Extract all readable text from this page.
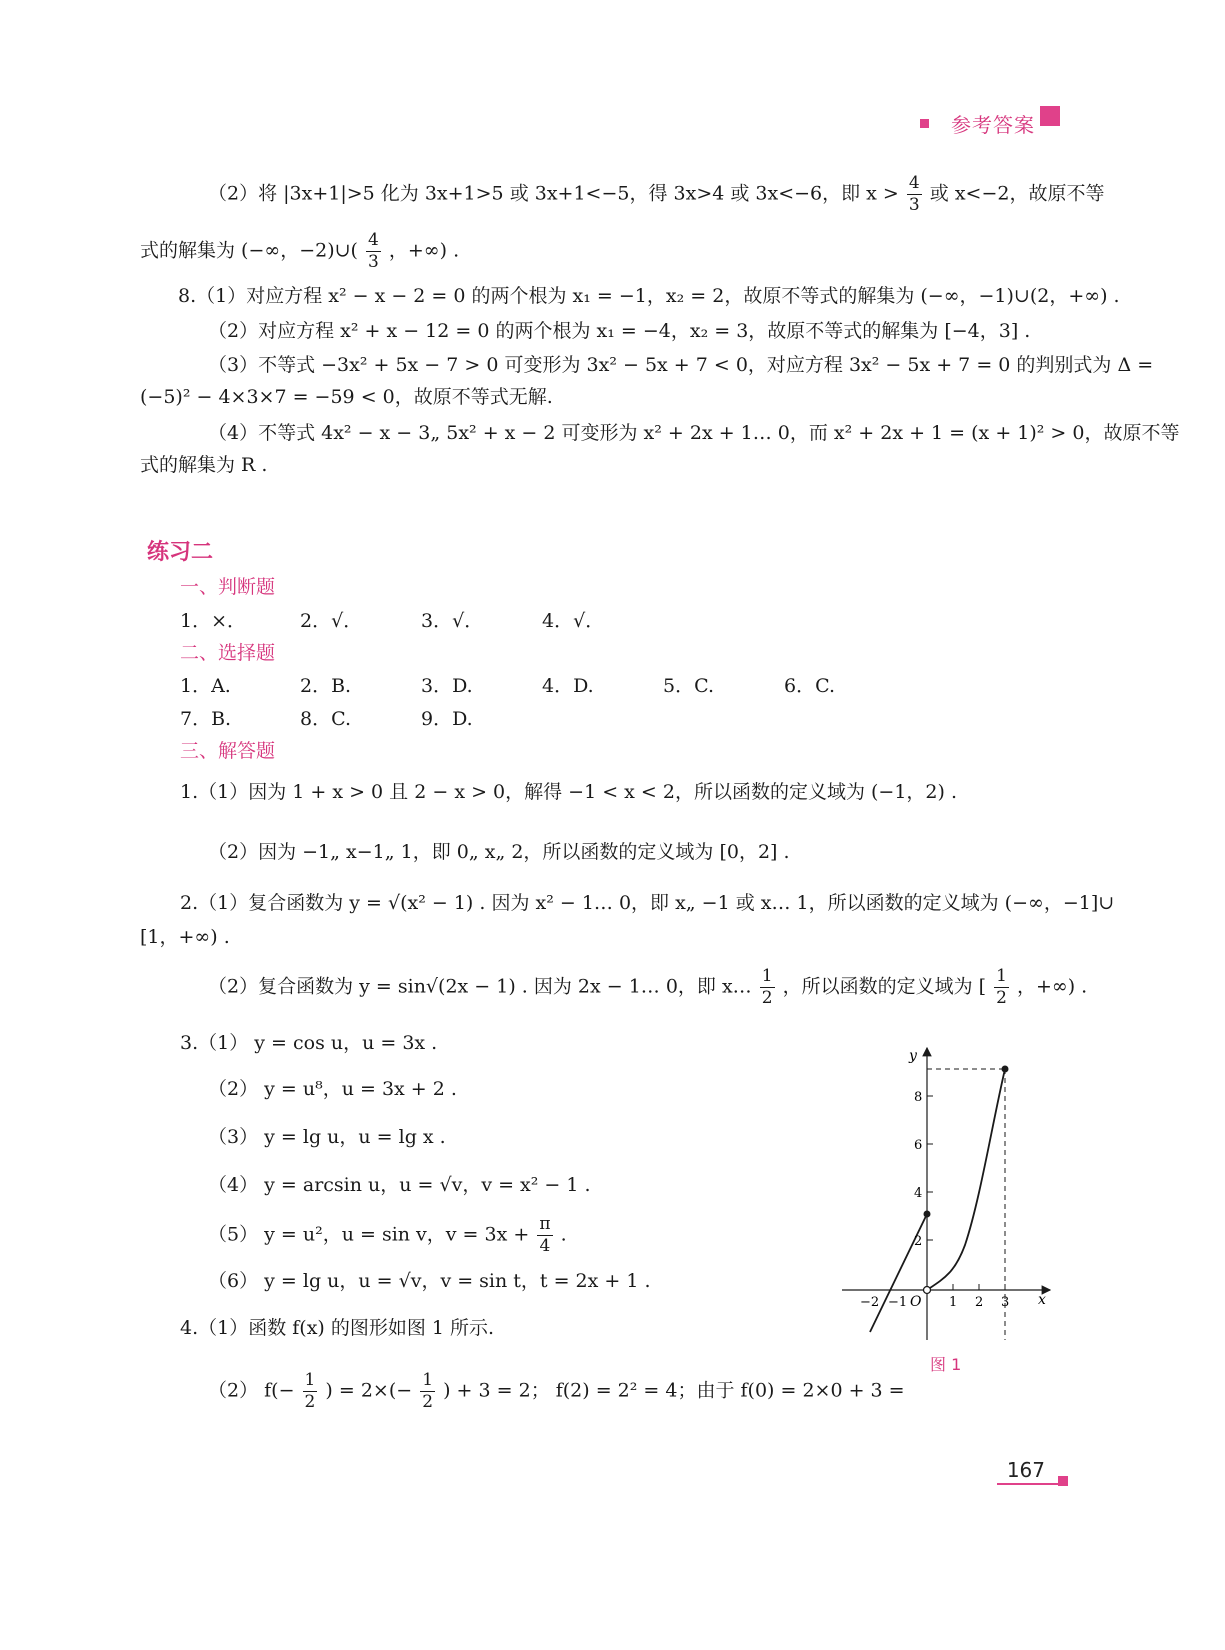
参考答案
（2）将 |3x+1|>5 化为 3x+1>5 或 3x+1<−5，得 3x>4 或 3x<−6，即 $x > \frac{4}{3}$ 或 x<−2，故原不等
式的解集为 (−∞，−2)∪( $\frac{4}{3}$ ，+∞) .
8.（1）对应方程 x² − x − 2 = 0 的两个根为 x₁ = −1，x₂ = 2，故原不等式的解集为 (−∞，−1)∪(2，+∞) .
（2）对应方程 x² + x − 12 = 0 的两个根为 x₁ = −4，x₂ = 3，故原不等式的解集为 [−4，3] .
（3）不等式 −3x² + 5x − 7 > 0 可变形为 3x² − 5x + 7 < 0，对应方程 3x² − 5x + 7 = 0 的判别式为 Δ =
(−5)² − 4×3×7 = −59 < 0，故原不等式无解.
（4）不等式 4x² − x − 3„ 5x² + x − 2 可变形为 x² + 2x + 1… 0，而 x² + 2x + 1 = (x + 1)² > 0，故原不等
式的解集为 R .
练习二
一、判断题
1．×．	2．√．	3．√．	4．√．
二、选择题
1．A.	2．B.	3．D.	4．D.	5．C.	6．C.
7．B.	8．C.	9．D.
三、解答题
1.（1）因为 1 + x > 0 且 2 − x > 0，解得 −1 < x < 2，所以函数的定义域为 (−1，2) .
（2）因为 −1„ x−1„ 1，即 0„ x„ 2，所以函数的定义域为 [0，2] .
2.（1）复合函数为 y = √(x² − 1) . 因为 x² − 1… 0，即 x„ −1 或 x… 1，所以函数的定义域为 (−∞，−1]∪
[1，+∞) .
（2）复合函数为 y = sin√(2x − 1) . 因为 2x − 1… 0，即 x… $\frac{1}{2}$ ，所以函数的定义域为 [ $\frac{1}{2}$ ，+∞) .
3.（1） y = cos u，u = 3x .
（2） y = u⁸，u = 3x + 2 .
（3） y = lg u，u = lg x .
（4） y = arcsin u，u = √v，v = x² − 1 .
（5） y = u²，u = sin v，$v = 3x + \frac{\pi}{4}$ .
（6） y = lg u，u = √v，v = sin t，t = 2x + 1 .
4.（1）函数 f(x) 的图形如图 1 所示.
（2） $f(- \frac{1}{2}$ ) = $2\times(- \frac{1}{2}$ ) + 3 = 2； f(2) = 2² = 4；由于 f(0) = 2×0 + 3 =
y
x
O
2
4
6
8
−2 −1	1 2 3
图 1
167
